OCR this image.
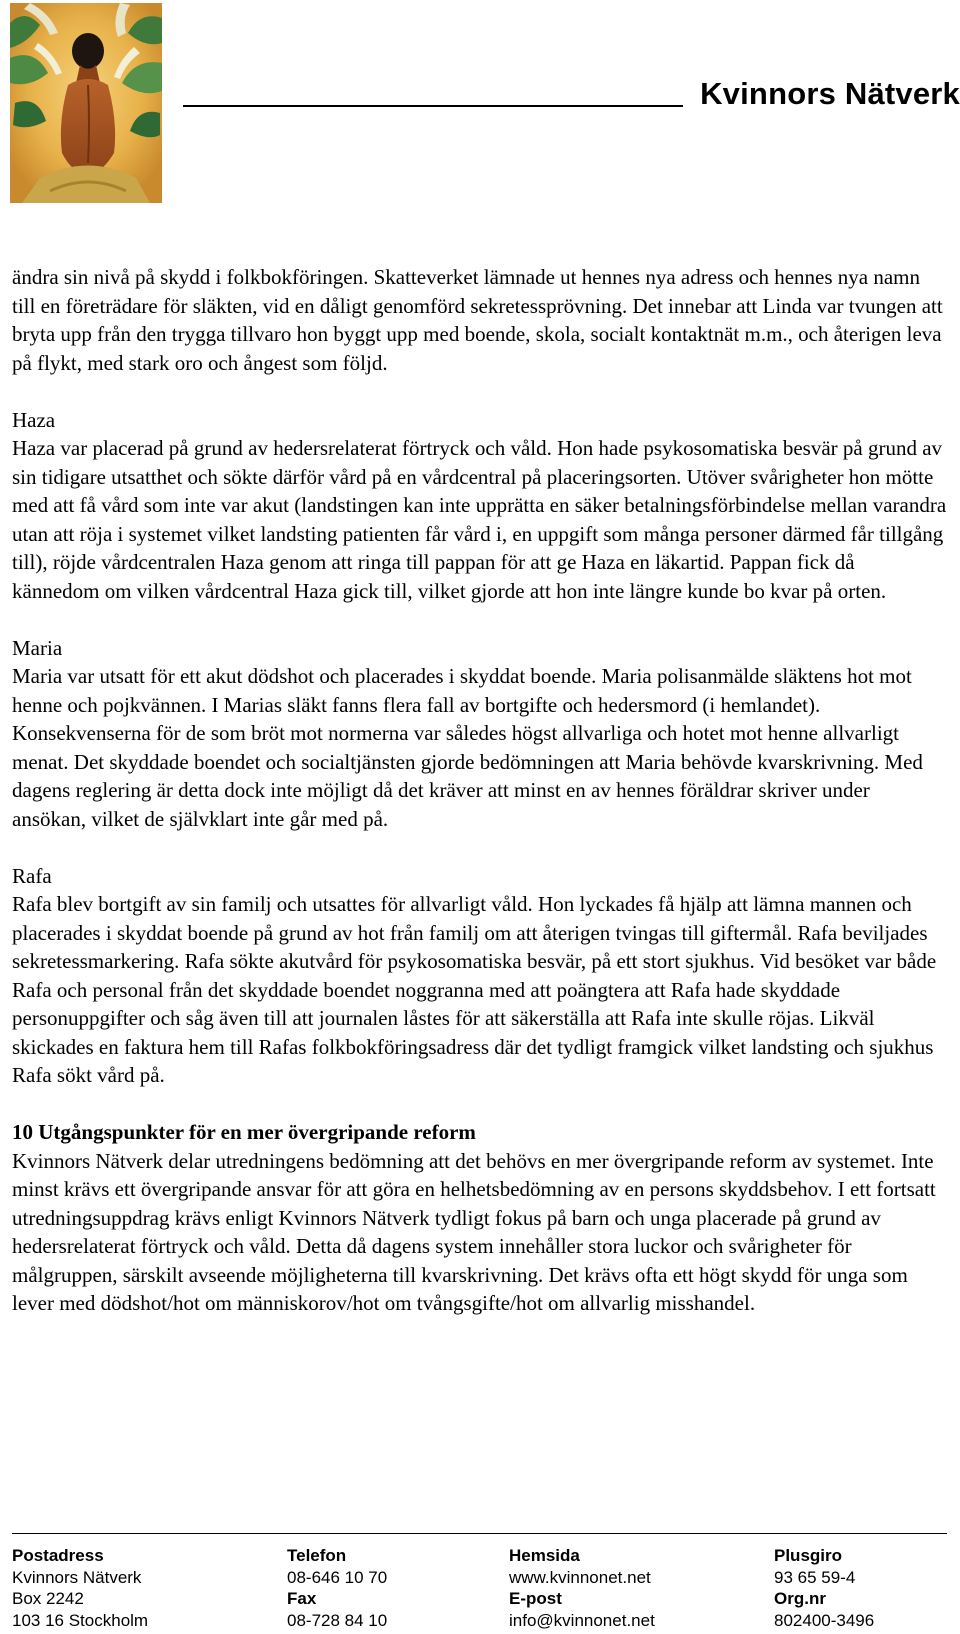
Kvinnors Nätverk

ändra sin nivå på skydd i folkbokföringen. Skatteverket lämnade ut hennes nya adress och hennes nya namn till en företrädare för släkten, vid en dåligt genomförd sekretessprövning. Det innebar att Linda var tvungen att bryta upp från den trygga tillvaro hon byggt upp med boende, skola, socialt kontaktnät m.m., och återigen leva på flykt, med stark oro och ångest som följd.

Haza

Haza var placerad på grund av hedersrelaterat förtryck och våld. Hon hade psykosomatiska besvär på grund av sin tidigare utsatthet och sökte därför vård på en vårdcentral på placeringsorten. Utöver svårigheter hon mötte med att få vård som inte var akut (landstingen kan inte upprätta en säker betalningsförbindelse mellan varandra utan att röja i systemet vilket landsting patienten får vård i, en uppgift som många personer därmed får tillgång till), röjde vårdcentralen Haza genom att ringa till pappan för att ge Haza en läkartid. Pappan fick då kännedom om vilken vårdcentral Haza gick till, vilket gjorde att hon inte längre kunde bo kvar på orten.

Maria

Maria var utsatt för ett akut dödshot och placerades i skyddat boende. Maria polisanmälde släktens hot mot henne och pojkvännen. I Marias släkt fanns flera fall av bortgifte och hedersmord (i hemlandet). Konsekvenserna för de som bröt mot normerna var således högst allvarliga och hotet mot henne allvarligt menat. Det skyddade boendet och socialtjänsten gjorde bedömningen att Maria behövde kvarskrivning. Med dagens reglering är detta dock inte möjligt då det kräver att minst en av hennes föräldrar skriver under ansökan, vilket de självklart inte går med på.

Rafa

Rafa blev bortgift av sin familj och utsattes för allvarligt våld. Hon lyckades få hjälp att lämna mannen och placerades i skyddat boende på grund av hot från familj om att återigen tvingas till giftermål. Rafa beviljades sekretessmarkering. Rafa sökte akutvård för psykosomatiska besvär, på ett stort sjukhus. Vid besöket var både Rafa och personal från det skyddade boendet noggranna med att poängtera att Rafa hade skyddade personuppgifter och såg även till att journalen låstes för att säkerställa att Rafa inte skulle röjas. Likväl skickades en faktura hem till Rafas folkbokföringsadress där det tydligt framgick vilket landsting och sjukhus Rafa sökt vård på.

10 Utgångspunkter för en mer övergripande reform

Kvinnors Nätverk delar utredningens bedömning att det behövs en mer övergripande reform av systemet. Inte minst krävs ett övergripande ansvar för att göra en helhetsbedömning av en persons skyddsbehov. I ett fortsatt utredningsuppdrag krävs enligt Kvinnors Nätverk tydligt fokus på barn och unga placerade på grund av hedersrelaterat förtryck och våld. Detta då dagens system innehåller stora luckor och svårigheter för målgruppen, särskilt avseende möjligheterna till kvarskrivning. Det krävs ofta ett högt skydd för unga som lever med dödshot/hot om människorov/hot om tvångsgifte/hot om allvarlig misshandel.

Postadress
Kvinnors Nätverk
Box 2242
103 16 Stockholm
Telefon
08-646 10 70
Fax
08-728 84 10
Hemsida
www.kvinnonet.net
E-post
info@kvinnonet.net
Plusgiro
93 65 59-4
Org.nr
802400-3496
